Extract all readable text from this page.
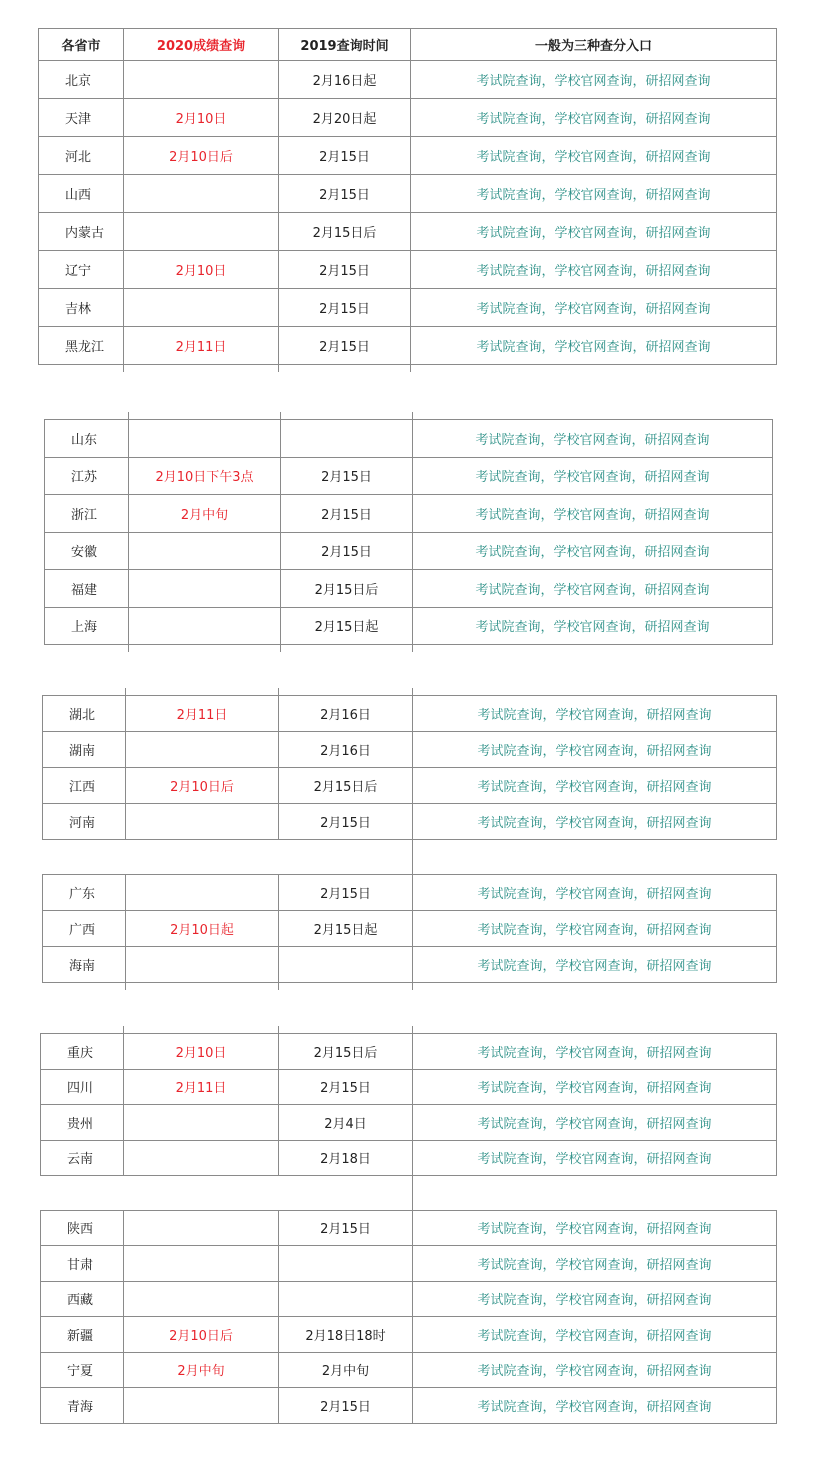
各省市	2020成绩查询	2019查询时间	一般为三种查分入口
北京		2月16日起	考试院查询，学校官网查询，研招网查询
天津	2月10日	2月20日起	考试院查询，学校官网查询，研招网查询
河北	2月10日后	2月15日	考试院查询，学校官网查询，研招网查询
山西		2月15日	考试院查询，学校官网查询，研招网查询
内蒙古		2月15日后	考试院查询，学校官网查询，研招网查询
辽宁	2月10日	2月15日	考试院查询，学校官网查询，研招网查询
吉林		2月15日	考试院查询，学校官网查询，研招网查询
黑龙江	2月11日	2月15日	考试院查询，学校官网查询，研招网查询

山东			考试院查询，学校官网查询，研招网查询
江苏	2月10日下午3点	2月15日	考试院查询，学校官网查询，研招网查询
浙江	2月中旬	2月15日	考试院查询，学校官网查询，研招网查询
安徽		2月15日	考试院查询，学校官网查询，研招网查询
福建		2月15日后	考试院查询，学校官网查询，研招网查询
上海		2月15日起	考试院查询，学校官网查询，研招网查询

湖北	2月11日	2月16日	考试院查询，学校官网查询，研招网查询
湖南		2月16日	考试院查询，学校官网查询，研招网查询
江西	2月10日后	2月15日后	考试院查询，学校官网查询，研招网查询
河南		2月15日	考试院查询，学校官网查询，研招网查询

广东		2月15日	考试院查询，学校官网查询，研招网查询
广西	2月10日起	2月15日起	考试院查询，学校官网查询，研招网查询
海南			考试院查询，学校官网查询，研招网查询

重庆	2月10日	2月15日后	考试院查询，学校官网查询，研招网查询
四川	2月11日	2月15日	考试院查询，学校官网查询，研招网查询
贵州		2月4日	考试院查询，学校官网查询，研招网查询
云南		2月18日	考试院查询，学校官网查询，研招网查询

陕西		2月15日	考试院查询，学校官网查询，研招网查询
甘肃			考试院查询，学校官网查询，研招网查询
西藏			考试院查询，学校官网查询，研招网查询
新疆	2月10日后	2月18日18时	考试院查询，学校官网查询，研招网查询
宁夏	2月中旬	2月中旬	考试院查询，学校官网查询，研招网查询
青海		2月15日	考试院查询，学校官网查询，研招网查询
